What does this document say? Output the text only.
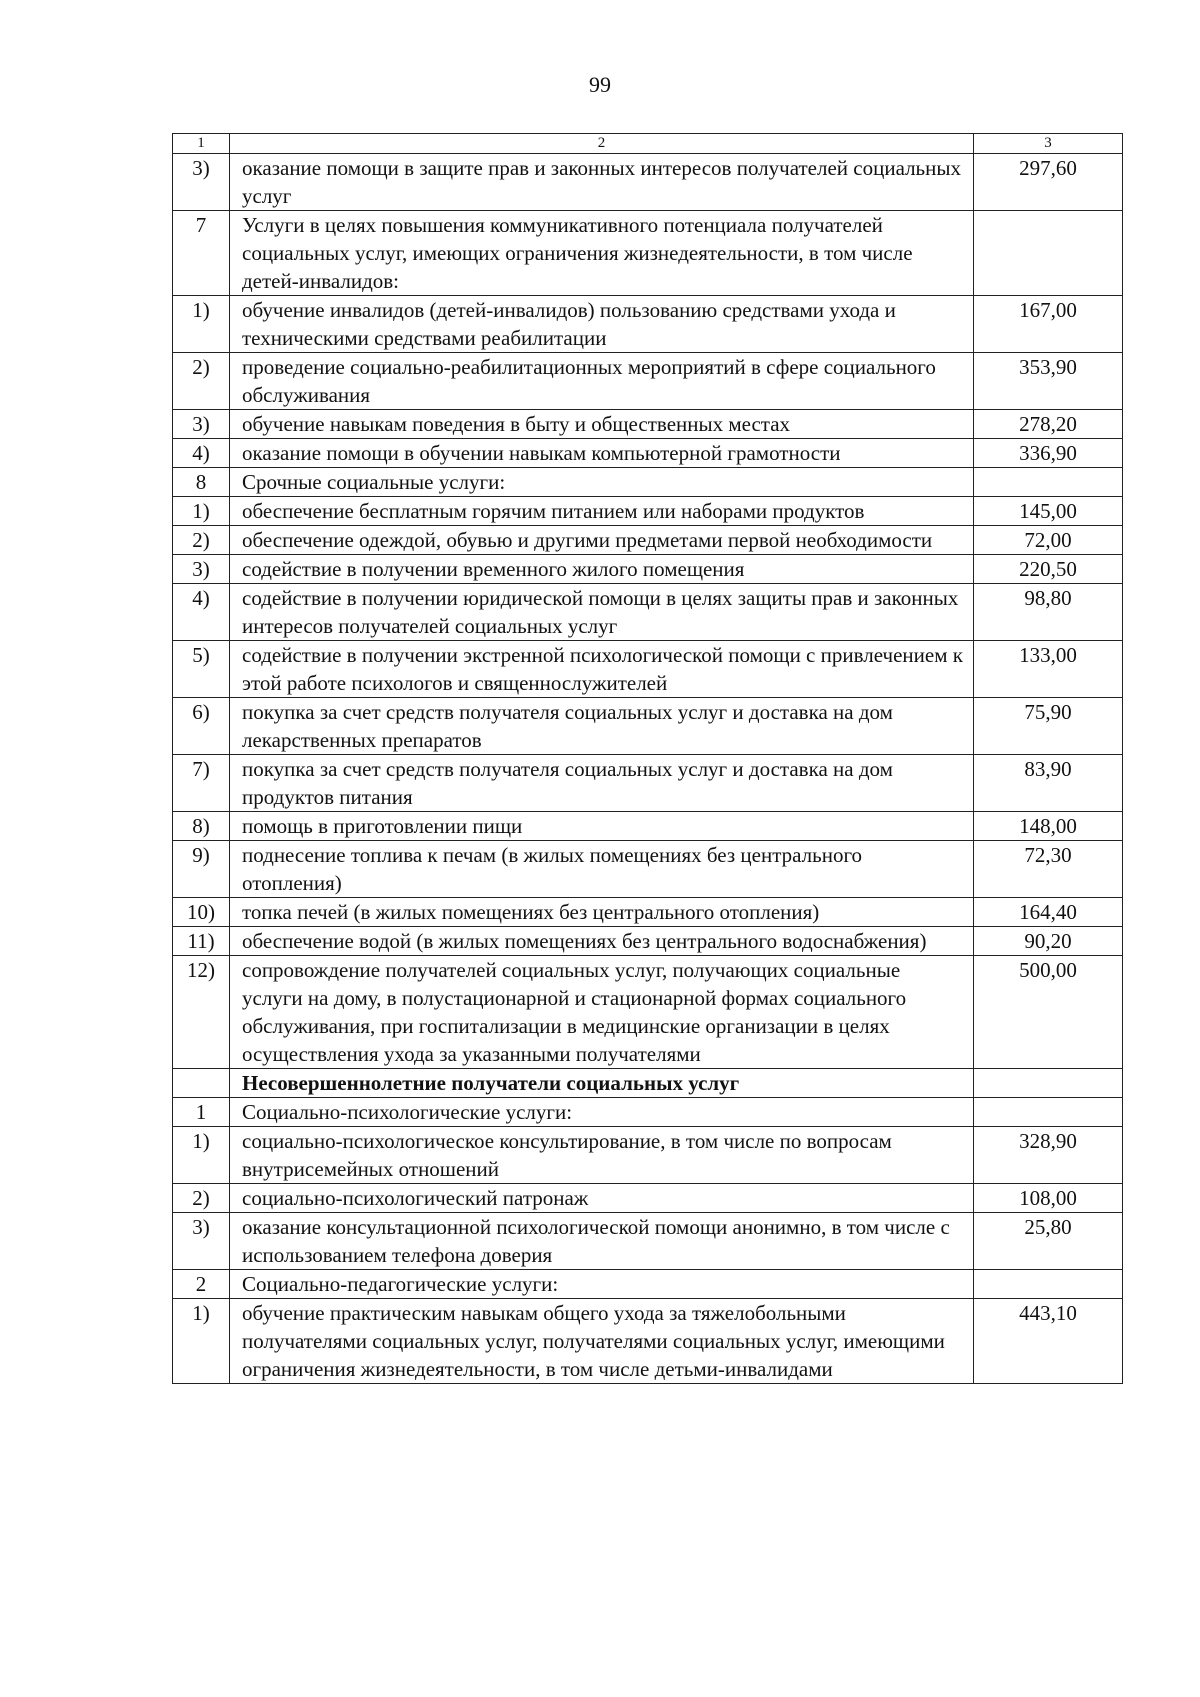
99
1	2	3
3)	оказание помощи в защите прав и законных интересов получателей социальных услуг	297,60
7	Услуги в целях повышения коммуникативного потенциала получателей социальных услуг, имеющих ограничения жизнедеятельности, в том числе детей-инвалидов:	
1)	обучение инвалидов (детей-инвалидов) пользованию средствами ухода и техническими средствами реабилитации	167,00
2)	проведение социально-реабилитационных мероприятий в сфере социального обслуживания	353,90
3)	обучение навыкам поведения в быту и общественных местах	278,20
4)	оказание помощи в обучении навыкам компьютерной грамотности	336,90
8	Срочные социальные услуги:	
1)	обеспечение бесплатным горячим питанием или наборами продуктов	145,00
2)	обеспечение одеждой, обувью и другими предметами первой необходимости	72,00
3)	содействие в получении временного жилого помещения	220,50
4)	содействие в получении юридической помощи в целях защиты прав и законных интересов получателей социальных услуг	98,80
5)	содействие в получении экстренной психологической помощи с привлечением к этой работе психологов и священнослужителей	133,00
6)	покупка за счет средств получателя социальных услуг и доставка на дом лекарственных препаратов	75,90
7)	покупка за счет средств получателя социальных услуг и доставка на дом продуктов питания	83,90
8)	помощь в приготовлении пищи	148,00
9)	поднесение топлива к печам (в жилых помещениях без центрального отопления)	72,30
10)	топка печей (в жилых помещениях без центрального отопления)	164,40
11)	обеспечение водой (в жилых помещениях без центрального водоснабжения)	90,20
12)	сопровождение получателей социальных услуг, получающих социальные услуги на дому, в полустационарной и стационарной формах социального обслуживания, при госпитализации в медицинские организации в целях осуществления ухода за указанными получателями	500,00
	Несовершеннолетние получатели социальных услуг	
1	Социально-психологические услуги:	
1)	социально-психологическое консультирование, в том числе по вопросам внутрисемейных отношений	328,90
2)	социально-психологический патронаж	108,00
3)	оказание консультационной психологической помощи анонимно, в том числе с использованием телефона доверия	25,80
2	Социально-педагогические услуги:	
1)	обучение практическим навыкам общего ухода за тяжелобольными получателями социальных услуг, получателями социальных услуг, имеющими ограничения жизнедеятельности, в том числе детьми-инвалидами	443,10
